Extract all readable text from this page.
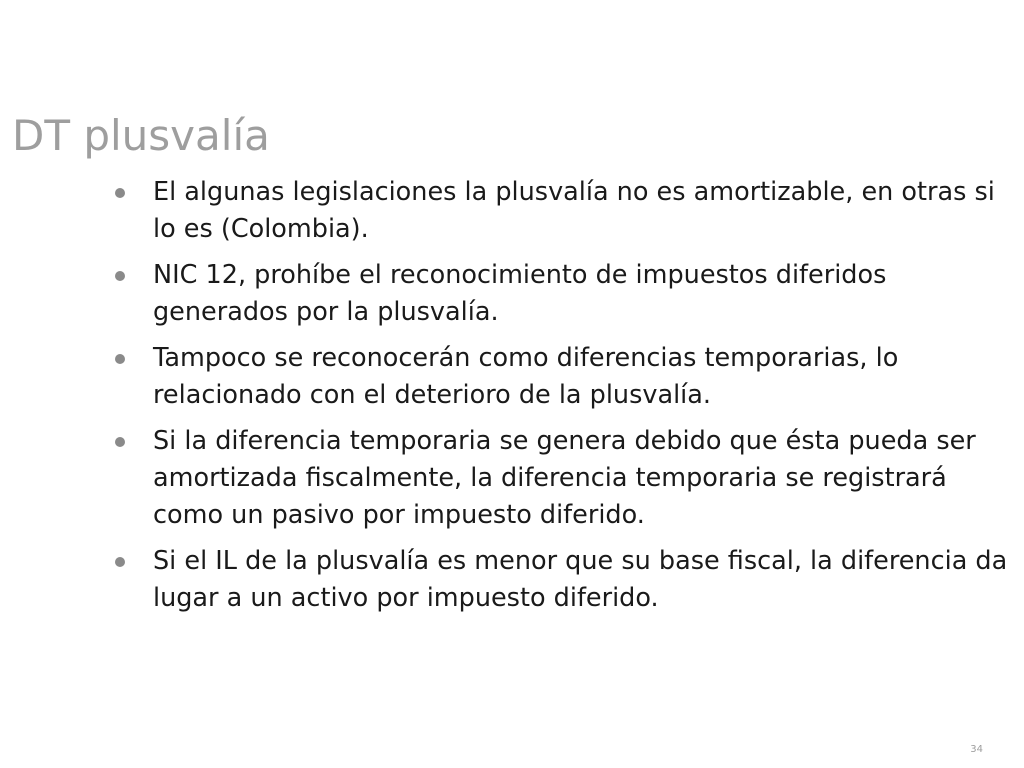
DT plusvalía
El algunas legislaciones la plusvalía no es amortizable, en otras si lo es (Colombia).
NIC 12, prohíbe el reconocimiento de impuestos diferidos generados por la plusvalía.
Tampoco se reconocerán como diferencias temporarias, lo relacionado con el deterioro de la plusvalía.
Si la diferencia temporaria se genera debido que ésta pueda ser amortizada fiscalmente, la diferencia temporaria se registrará como un pasivo por impuesto diferido.
Si el IL de la plusvalía es menor que su base fiscal, la diferencia da lugar a un activo por impuesto diferido.
34
